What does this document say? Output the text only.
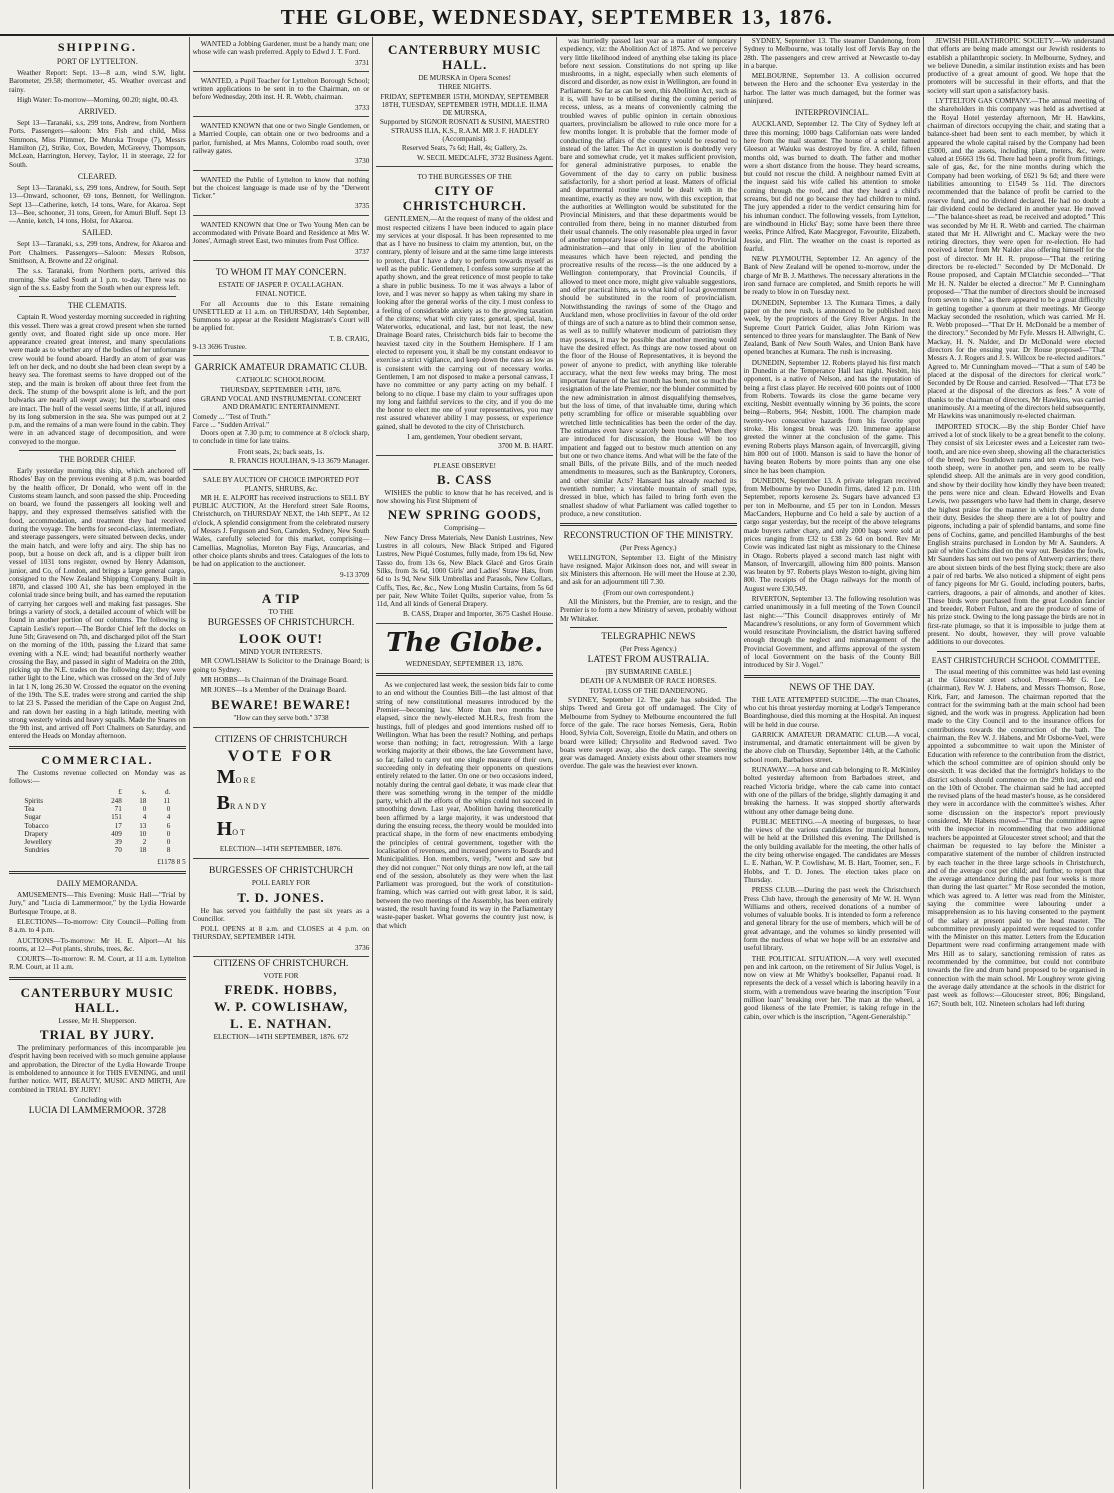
THE GLOBE, WEDNESDAY, SEPTEMBER 13, 1876.
SHIPPING.
PORT OF LYTTELTON.

Weather Report: Sept. 13—8 a.m, wind S.W, light. Barometer, 29.58; thermometer, 45. Weather overcast and rainy.

High Water: To-morrow—Morning, 00.20; night, 00.43.

ARRIVED.

Sept 13—Taranaki, s.s, 299 tons, Andrew, from Northern Ports. Passengers—saloon: Mrs Fish and child, Miss Simmons, Miss Plimmer, De Murska Troupe (7), Messrs Hamilton (2), Strike, Cox, Bowden, McGreevy, Thompson, McLean, Harrington, Hervey, Taylor, 11 in steerage, 22 for South.

CLEARED.

Sept 13—Taranaki, s.s, 299 tons, Andrew, for South. Sept 13—Onward, schooner, 69 tons, Bennett, for Wellington. Sept 13—Catherine, ketch, 14 tons, Ware, for Akaroa. Sept 13—Bee, schooner, 31 tons, Green, for Amuri Bluff. Sept 13—Annie, ketch, 14 tons, Holst, for Akaroa.

SAILED.

Sept 13—Taranaki, s.s, 299 tons, Andrew, for Akaroa and Port Chalmers. Passengers—Saloon: Messrs Robson, Smithson, A. Browne and 22 original.

The s.s. Taranaki, from Northern ports, arrived this morning. She sailed South at 1 p.m. to-day. There was no sign of the s.s. Easby from the South when our express left.

THE CLEMATIS.

Captain R. Wood yesterday morning succeeded in righting this vessel. There was a great crowd present when she turned gently over, and floated right side up once more. Her appearance created great interest, and many speculations were made as to whether any of the bodies of her unfortunate crew would be found aboard. Hardly an atom of gear was left on her deck, and no doubt she had been clean swept by a heavy sea. The foremast seems to have dropped out of the step, and the main is broken off about three feet from the deck. The stump of the bowsprit alone is left, and the port bulwarks are nearly all swept away; but the starboard ones are intact. The hull of the vessel seems little, if at all, injured by its long submersion in the sea. She was pumped out at 2 p.m, and the remains of a man were found in the cabin. They were in an advanced stage of decomposition, and were conveyed to the morgue.

THE BORDER CHIEF.

Early yesterday morning this ship, which anchored off Rhodes' Bay on the previous evening at 8 p.m, was boarded by the health officer, Dr Donald, who went off in the Customs steam launch, and soon passed the ship. Proceeding on board, we found the passengers all looking well and happy, and they expressed themselves satisfied with the food, accommodation, and treatment they had received during the voyage. The berths for second-class, intermediate, and steerage passengers, were situated between decks, under the main hatch, and were lofty and airy. The ship has no poop, but a house on deck aft, and is a clipper built iron vessel of 1031 tons register, owned by Henry Adamson, junior, and Co, of London, and brings a large general cargo, consigned to the New Zealand Shipping Company. Built in 1870, and classed 100 A1, she has been employed in the colonial trade since being built, and has earned the reputation of carrying her cargoes well and making fast passages. She brings a variety of stock, a detailed account of which will be found in another portion of our columns. The following is Captain Leslie's report—The Border Chief left the docks on June 5th; Gravesend on 7th, and discharged pilot off the Start on the morning of the 10th, passing the Lizard that same evening with a N.E. wind; had beautiful northerly weather crossing the Bay, and passed in sight of Madeira on the 20th, picking up the N.E. trades on the following day; they were rather light to the Line, which was crossed on the 3rd of July in lat 1 N, long 26.30 W. Crossed the equator on the evening of the 19th. The S.E. trades were strong and carried the ship to lat 23 S. Passed the meridian of the Cape on August 2nd, and ran down her easting in a high latitude, meeting with strong westerly winds and heavy squalls. Made the Snares on the 9th inst, and arrived off Port Chalmers on Saturday, and entered the Heads on Monday afternoon.

COMMERCIAL.

The Customs revenue collected on Monday was as follows:—

	£	s.	d.
Spirits	248	18	11
Tea	71	0	0
Sugar	151	4	4
Tobacco	17	13	6
Drapery	409	10	0
Jewellery	39	2	0
Sundries	70	18	8
£1178 8 5
DAILY MEMORANDA.

AMUSEMENTS—This Evening: Music Hall—"Trial by Jury," and "Lucia di Lammermoor," by the Lydia Howarde Burlesque Troupe, at 8.

ELECTIONS—To-morrow: City Council—Polling from 8 a.m. to 4 p.m.

AUCTIONS—To-morrow: Mr H. E. Alport—At his rooms, at 12—Pot plants, shrubs, trees, &c.

COURTS—To-morrow: R. M. Court, at 11 a.m. Lyttelton R.M. Court, at 11 a.m.

CANTERBURY MUSIC HALL.
Lessee, Mr H. Shepperson.
TRIAL BY JURY.

The preliminary performances of this incomparable jeu d'esprit having been received with so much genuine applause and approbation, the Director of the Lydia Howarde Troupe is emboldened to announce it for THIS EVENING, and until further notice. WIT, BEAUTY, MUSIC AND MIRTH, Are combined in TRIAL BY JURY!

Concluding with
LUCIA DI LAMMERMOOR. 3728

WANTED a Jobbing Gardener, must be a handy man; one whose wife can wash preferred. Apply to Edwd J. T. Ford.

3731

WANTED, a Pupil Teacher for Lyttelton Borough School; written applications to be sent in to the Chairman, on or before Wednesday, 20th inst. H. R. Webb, chairman.

3733

WANTED KNOWN that one or two Single Gentlemen, or a Married Couple, can obtain one or two bedrooms and a parlor, furnished, at Mrs Manns, Colombo road south, over railway gates.

3730

WANTED the Public of Lyttelton to know that nothing but the choicest language is made use of by the "Derwent Ticker."

3735

WANTED KNOWN that One or Two Young Men can be accommodated with Private Board and Residence at Mrs W. Jones', Armagh street East, two minutes from Post Office.

3737
TO WHOM IT MAY CONCERN.
ESTATE OF JASPER P. O'CALLAGHAN.
FINAL NOTICE.

For all Accounts due to this Estate remaining UNSETTLED at 11 a.m. on THURSDAY, 14th September, Summons to appear at the Resident Magistrate's Court will be applied for.

T. B. CRAIG,
9-13 3696 Trustee.
GARRICK AMATEUR DRAMATIC CLUB.
CATHOLIC SCHOOLROOM.
THURSDAY, SEPTEMBER 14TH, 1876.
GRAND VOCAL AND INSTRUMENTAL CONCERT AND DRAMATIC ENTERTAINMENT.
Comedy ... "Test of Truth."
Farce ... "Sudden Arrival."

Doors open at 7.30 p.m; to commence at 8 o'clock sharp, to conclude in time for late trains.

Front seats, 2s; back seats, 1s.
R. FRANCIS HOULIHAN, 9-13 3679 Manager.
SALE BY AUCTION OF CHOICE IMPORTED POT PLANTS, SHRUBS, &c.

MR H. E. ALPORT has received instructions to SELL BY PUBLIC AUCTION, At the Hereford street Sale Rooms, Christchurch, on THURSDAY NEXT, the 14th SEPT., At 12 o'clock, A splendid consignment from the celebrated nursery of Messrs J. Ferguson and Son, Camden, Sydney, New South Wales, carefully selected for this market, comprising— Camellias, Magnolias, Moreton Bay Figs, Araucarias, and other choice plants shrubs and trees. Catalogues of the lots to be had on application to the auctioneer.

9-13 3709
A TIP
TO THE
BURGESSES OF CHRISTCHURCH.
LOOK OUT!
MIND YOUR INTERESTS.

MR COWLISHAW Is Solicitor to the Drainage Board; is going to Sydney.

MR HOBBS—Is Chairman of the Drainage Board.

MR JONES—Is a Member of the Drainage Board.

BEWARE! BEWARE!
"How can they serve both." 3738
CITIZENS OF CHRISTCHURCH
VOTE FOR
MORE
BRANDY
HOT
ELECTION—14TH SEPTEMBER, 1876.
BURGESSES OF CHRISTCHURCH
POLL EARLY FOR
T. D. JONES.

He has served you faithfully the past six years as a Councillor.

POLL OPENS at 8 a.m. and CLOSES at 4 p.m. on THURSDAY, SEPTEMBER 14TH.

3736
CITIZENS OF CHRISTCHURCH.
VOTE FOR
FREDK. HOBBS,
W. P. COWLISHAW,
L. E. NATHAN.
ELECTION—14TH SEPTEMBER, 1876. 672
CANTERBURY MUSIC HALL.
DE MURSKA in Opera Scenes!
THREE NIGHTS.
FRIDAY, SEPTEMBER 15TH, MONDAY, SEPTEMBER 18TH, TUESDAY, SEPTEMBER 19TH, MDLLE. ILMA DE MURSKA,
Supported by SIGNOR ROSNATI & SUSINI, MAESTRO STRAUSS ILIA, K.S., R.A.M. MR J. F. HADLEY (Accompanist).
Reserved Seats, 7s 6d; Hall, 4s; Gallery, 2s.
W. SECIL MEDCALFE, 3732 Business Agent.
TO THE BURGESSES OF THE
CITY OF CHRISTCHURCH.

GENTLEMEN,—At the request of many of the oldest and most respected citizens I have been induced to again place my services at your disposal. It has been represented to me that as I have no business to claim my attention, but, on the contrary, plenty of leisure and at the same time large interests to protect, that I have a duty to perform towards myself as well as the public. Gentlemen, I confess some surprise at the apathy shown, and the great reticence of most people to take a share in public business. To me it was always a labor of love, and I was never so happy as when taking my share in looking after the general works of the city. I must confess to a feeling of considerable anxiety as to the growing taxation of the citizens; what with city rates; general, special, loan, Waterworks, educational, and last, but not least, the new Drainage Board rates, Christchurch bids fair to become the heaviest taxed city in the Southern Hemisphere. If I am elected to represent you, it shall be my constant endeavor to exercise a strict vigilance, and keep down the rates as low as is consistent with the carrying out of necessary works. Gentlemen, I am not disposed to make a personal canvass, I have no committee or any party acting on my behalf. I belong to no clique. I base my claim to your suffrages upon my long and faithful services to the city, and if you do me the honor to elect me one of your representatives, you may rest assured whatever ability I may possess, or experience gained, shall be devoted to the city of Christchurch.

I am, gentlemen, Your obedient servant,
3700 M. B. HART.
PLEASE OBSERVE!
B. CASS

WISHES the public to know that he has received, and is now showing his First Shipment of

NEW SPRING GOODS,
Comprising—

New Fancy Dress Materials, New Danish Lustrines, New Lustres in all colours, New Black Striped and Figured Lustres, New Piqué Costumes, fully made, from 19s 6d, New Tasso do, from 13s 6s, New Black Glacé and Gros Grain Silks, from 3s 6d, 1000 Girls' and Ladies' Straw Hats, from 6d to 1s 9d, New Silk Umbrellas and Parasols, New Collars, Cuffs, Ties, &c, &c., New Long Muslin Curtains, from 5s 6d per pair, New White Toilet Quilts, superior value, from 5s 11d, And all kinds of General Drapery.

B. CASS, Draper and Importer, 3675 Cashel House.
The Globe.
WEDNESDAY, SEPTEMBER 13, 1876.

As we conjectured last week, the session bids fair to come to an end without the Counties Bill—the last almost of that string of new constitutional measures introduced by the Premier—becoming law. More than two months have elapsed, since the newly-elected M.H.R.s, fresh from the hustings, full of pledges and good intentions rushed off to Wellington. What has been the result? Nothing, and perhaps worse than nothing; in fact, retrogression. With a large working majority at their elbows, the late Government have, so far, failed to carry out one single measure of their own, succeeding only in defeating their opponents on questions entirely related to the latter. On one or two occasions indeed, notably during the central gaol debate, it was made clear that there was something wrong in the temper of the middle party, which all the efforts of the whips could not succeed in smoothing down. Last year, Abolition having theoretically been affirmed by a large majority, it was understood that during the ensuing recess, the theory would be moulded into practical shape, in the form of new enactments embodying the principles of central government, together with the localisation of revenues, and increased powers to Boards and Municipalities. Hon. members, verily, "went and saw but they did not conquer." Not only things are now left, at the tail end of the session, absolutely as they were when the last Parliament was prorogued, but the work of constitution-framing, which was carried out with great labor, it is said, between the two meetings of the Assembly, has been entirely wasted, the result having found its way in the Parliamentary waste-paper basket. What governs the country just now, is that which

was hurriedly passed last year as a matter of temporary expediency, viz: the Abolition Act of 1875. And we perceive very little likelihood indeed of anything else taking its place before next session. Constitutions do not spring up like mushrooms, in a night, especially when such elements of discord and disorder, as now exist in Wellington, are found in Parliament. So far as can be seen, this Abolition Act, such as it is, will have to be utilised during the coming period of recess, unless, as a means of conveniently calming the troubled waves of public opinion in certain obnoxious quarters, provincialism be allowed to rule once more for a few months longer. It is probable that the former mode of conducting the affairs of the country would be resorted to instead of the latter. The Act in question is doubtedly very bare and somewhat crude, yet it makes sufficient provision, for general administrative purposes, to enable the Government of the day to carry on public business satisfactorily, for a short period at least. Matters of official and departmental routine would be dealt with in the meantime, exactly as they are now, with this exception, that the authorities at Wellington would be substituted for the Provincial Ministers, and that these departments would be controlled from there, being in no manner disturbed from their usual channels. The only reasonable plea urged in favor of another temporary lease of lifebeing granted to Provincial administration—and that only in lieu of the abolition measures which have been rejected, and pending the procreative results of the recess—is the one adduced by a Wellington contemporary, that Provincial Councils, if allowed to meet once more, might give valuable suggestions, and offer practical hints, as to what kind of local government should be substituted in the room of provincialism. Notwithstanding the ravings of some of the Otago and Auckland men, whose proclivities in favour of the old order of things are of such a nature as to blind their common sense, as well as to nullify whatever modicum of patriotism they may possess, it may be possible that another meeting would have the desired effect. As things are now tossed about on the floor of the House of Representatives, it is beyond the power of anyone to predict, with anything like tolerable accuracy, what the next few weeks may bring. The most important feature of the last month has been, not so much the resignation of the late Premier, nor the blunder committed by the new administration in almost disqualifying themselves, but the loss of time, of that invaluable time, during which petty scrambling for office or miserable squabbling over wretched little technicalities has been the order of the day. The estimates even have scarcely been touched. When they are introduced for discussion, the House will be too impatient and fagged out to bestow much attention on any but one or two chance items. And what will be the fate of the small Bills, of the private Bills, and of the much needed amendments to measures, such as the Bankruptcy, Coroners, and other similar Acts? Hansard has already reached its twentieth number; a viretable mountain of small type, dressed in blue, which has failed to bring forth even the smallest shadow of what Parliament was called together to produce, a new constitution.

RECONSTRUCTION OF THE MINISTRY.
(Per Press Agency.)

WELLINGTON, September 13. Eight of the Ministry have resigned. Major Atkinson does not, and will swear in six Ministers this afternoon. He will meet the House at 2.30, and ask for an adjournment till 7.30.

(From our own correspondent.)

All the Ministers, but the Premier, are to resign, and the Premier is to form a new Ministry of seven, probably without Mr Whitaker.

TELEGRAPHIC NEWS
(Per Press Agency.)
LATEST FROM AUSTRALIA.
[BY SUBMARINE CABLE.]
DEATH OF A NUMBER OF RACE HORSES.
TOTAL LOSS OF THE DANDENONG.

SYDNEY, September 12. The gale has subsided. The ships Tweed and Greta got off undamaged. The City of Melbourne from Sydney to Melbourne encountered the full force of the gale. The race horses Nemesis, Gera, Robin Hood, Sylvia Colt, Sovereign, Etoile du Matin, and others on board were killed; Chrysolite and Redwood saved. Two boats were swept away, also the deck cargo. The steering gear was damaged. Anxiety exists about other steamers now overdue. The gale was the heaviest ever known.

SYDNEY, September 13. The steamer Dandenong, from Sydney to Melbourne, was totally lost off Jervis Bay on the 28th. The passengers and crew arrived at Newcastle to-day in a barque.

MELBOURNE, September 13. A collision occurred between the Hero and the schooner Eva yesterday in the harbor. The latter was much damaged, but the former was uninjured.

INTERPROVINCIAL.

AUCKLAND, September 12. The City of Sydney left at three this morning; 1000 bags Californian oats were landed here from the mail steamer. The house of a settler named Gleeson at Waiuku was destroyed by fire. A child, fifteen months old, was burned to death. The father and mother were a short distance from the house. They heard screams, but could not rescue the child. A neighbour named Evitt at the inquest said his wife called his attention to smoke coming through the roof, and that they heard a child's screams, but did not go because they had children to mind. The jury appended a rider to the verdict censuring him for his inhuman conduct. The following vessels, from Lyttelton, are windbound in Hicks' Bay; some have been there three weeks, Prince Alfred, Kate Macgregor, Favourite, Elizabeth, Jessie, and Flirt. The weather on the coast is reported as fearful.

NEW PLYMOUTH, September 12. An agency of the Bank of New Zealand will be opened to-morrow, under the charge of Mr B. J. Matthews. The necessary alterations in the iron sand furnace are completed, and Smith reports he will be ready to blow in on Tuesday next.

DUNEDIN, September 13. The Kumara Times, a daily paper on the new rush, is announced to be published next week, by the proprietors of the Grey River Argus. In the Supreme Court Patrick Guider, alias John Kiriom was sentenced to three years for manslaughter. The Bank of New Zealand, Bank of New South Wales, and Union Bank have opened branches at Kumara. The rush is increasing.

DUNEDIN, September 12. Roberts played his first match in Dunedin at the Temperance Hall last night. Nesbitt, his opponent, is a native of Nelson, and has the reputation of being a first class player. He received 600 points out of 1000 from Roberts. Towards its close the game became very exciting, Nesbitt eventually winning by 36 points, the score being—Roberts, 964; Nesbitt, 1000. The champion made twenty-two consecutive hazards from his favorite spot stroke. His longest break was 120. Immense applause greeted the winner at the conclusion of the game. This evening Roberts plays Manson again, of Invercargill, giving him 800 out of 1000. Manson is said to have the honor of having beaten Roberts by more points than any one else since he has been champion.

DUNEDIN, September 13. A private telegram received from Melbourne by two Dunedin firms, dated 12 p.m. 11th September, reports kerosene 2s. Sugars have advanced £3 per ton in Melbourne, and £5 per ton in London. Messrs MacCanders, Hepburne and Co held a sale by auction of a cargo sugar yesterday, but the receipt of the above telegrams made buyers rather chary, and only 2000 bags were sold at prices ranging from £32 to £38 2s 6d on bond. Rev Mr Cowie was indicated last night as missionary to the Chinese in Otago. Roberts played a second match last night with Manson, of Invercargill, allowing him 800 points. Manson was beaten by 97. Roberts plays Weston to-night, giving him 800. The receipts of the Otago railways for the month of August were £30,549.

RIVERTON, September 13. The following resolution was carried unanimously in a full meeting of the Town Council last night:—"This Council disapproves entirely of Mr Macandrew's resolutions, or any form of Government which would resuscitate Provincialism, the district having suffered enough through the neglect and mismanagement of the Provincial Government, and affirms approval of the system of local Government on the basis of the County Bill introduced by Sir J. Vogel."

NEWS OF THE DAY.

THE LATE ATTEMPTED SUICIDE.—The man Choates, who cut his throat yesterday morning at Lodge's Temperance Boardinghouse, died this morning at the Hospital. An inquest will be held in due course.

GARRICK AMATEUR DRAMATIC CLUB.—A vocal, instrumental, and dramatic entertainment will be given by the above club on Thursday, September 14th, at the Catholic school room, Barbadoes street.

RUNAWAY.—A horse and cab belonging to R. McKinley bolted yesterday afternoon from Barbadoes street, and reached Victoria bridge, where the cab came into contact with one of the pillars of the bridge, slightly damaging it and breaking the harness. It was stopped shortly afterwards without any other damage being done.

PUBLIC MEETING.—A meeting of burgesses, to hear the views of the various candidates for municipal honors, will be held at the Drillshed this evening. The Drillshed is the only building available for the meeting, the other halls of the city being otherwise engaged. The candidates are Messrs L. E. Nathan, W. P. Cowlishaw, M. B. Hart, Toomer, sen., F. Hobbs, and T. D. Jones. The election takes place on Thursday.

PRESS CLUB.—During the past week the Christchurch Press Club have, through the generosity of Mr W. H. Wynn Williams and others, received donations of a number of volumes of valuable books. It is intended to form a reference and general library for the use of members, which will be of great advantage, and the volumes so kindly presented will form the nucleus of what we hope will be an extensive and useful library.

THE POLITICAL SITUATION.—A very well executed pen and ink cartoon, on the retirement of Sir Julius Vogel, is now on view at Mr Whitby's bookseller, Papanui road. It represents the deck of a vessel which is laboring heavily in a storm, with a tremendous wave bearing the inscription "Four million loan" breaking over her. The man at the wheel, a good likeness of the late Premier, is taking refuge in the cabin, over which is the inscription, "Agent-Generalship."

JEWISH PHILANTHROPIC SOCIETY.—We understand that efforts are being made amongst our Jewish residents to establish a philanthropic society. In Melbourne, Sydney, and we believe Dunedin, a similar institution exists and has been productive of a great amount of good. We hope that the promoters will be successful in their efforts, and that the society will start upon a satisfactory basis.

LYTTELTON GAS COMPANY.—The annual meeting of the shareholders in this company was held as advertised at the Royal Hotel yesterday afternoon, Mr H. Hawkins, chairman of directors occupying the chair, and stating that a balance-sheet had been sent to each member, by which it appeared the whole capital raised by the Company had been £5000, and the assets, including plant, meters, &c, were valued at £6663 19s 6d. There had been a profit from fittings, sale of gas, &c, for the nine months during which the Company had been working, of £621 9s 6d; and there were liabilities amounting to £1549 5s 11d. The directors recommended that the balance of profit be carried to the reserve fund, and no dividend declared. He had no doubt a fair dividend could be declared in another year. He moved—"The balance-sheet as read, be received and adopted." This was seconded by Mr H. R. Webb and carried. The chairman stated that Mr H. Allwright and C. Mackay were the two retiring directors, they were open for re-election. He had received a letter from Mr Nalder also offering himself for the post of director. Mr H. R. propose—"That the retiring directors be re-elected." Seconded by Dr McDonald. Dr Rouse proposed, and Captain M'Clatchie seconded—"That Mr H. N. Nalder be elected a director." Mr P. Cunningham proposed—"That the number of directors should be increased from seven to nine," as there appeared to be a great difficulty in getting together a quorum at their meetings. Mr George Mackay seconded the resolution, which was carried. Mr H. R. Webb proposed—"That Dr H. McDonald be a member of the directory." Seconded by Mr Fyfe. Messrs H. Allwright, C. Mackay, H. N. Nalder, and Dr McDonald were elected directors for the ensuing year. Dr Rouse proposed—"That Messrs A. J. Rogers and J. S. Willcox be re-elected auditors." Agreed to. Mr Cunningham moved—"That a sum of £40 be placed at the disposal of the directors for clerical work." Seconded by Dr Rouse and carried. Resolved—"That £73 be placed at the disposal of the directors as fees." A vote of thanks to the chairman of directors, Mr Hawkins, was carried unanimously. At a meeting of the directors held subsequently, Mr Hawkins was unanimously re-elected chairman.

IMPORTED STOCK.—By the ship Border Chief have arrived a lot of stock likely to be a great benefit to the colony. They consist of six Leicester ewes and a Leicester ram two-tooth, and are nice even sheep, showing all the characteristics of the breed; two Southdown rams and ten ewes, also two-tooth sheep, were in another pen, and seem to be really splendid sheep. All the animals are in very good condition, and show by their docility how kindly they have been treated; the pens were nice and clean. Edward Howells and Evan Lewis, two passengers who have had them in charge, deserve the highest praise for the manner in which they have done their duty. Besides the sheep there are a lot of poultry and pigeons, including a pair of splendid bantams, and some fine pens of Cochins, game, and pencilled Hamburghs of the best English strains purchased in London by Mr A. Saunders. A pair of white Cochins died on the way out. Besides the fowls, Mr Saunders has sent out two pens of Antwerp carriers; there are about sixteen birds of the best flying stock; there are also a pair of red barbs. We also noticed a shipment of eight pens of fancy pigeons for Mr G. Gould, including pouters, barbs, carriers, dragoons, a pair of almonds, and another of kites. These birds were purchased from the great London fancier and breeder, Robert Fulton, and are the produce of some of his prize stock. Owing to the long passage the birds are not in first-rate plumage, so that it is impossible to judge them at present. No doubt, however, they will prove valuable additions to our dovecotes.

EAST CHRISTCHURCH SCHOOL COMMITTEE.

The usual meeting of this committee was held last evening at the Gloucester street school. Present—Mr G. Lee (chairman), Rev W. J. Habens, and Messrs Thomson, Rose, Kirk, Farr, and Jameson. The chairman reported that the contract for the swimming bath at the main school had been signed, and the work was in progress. Application had been made to the City Council and to the insurance offices for contributions towards the construction of the bath. The chairman, the Rev W. J. Habens, and Mr Osborne-Veel, were appointed a subcommittee to wait upon the Minister of Education with reference to the contribution from the district, which the school committee are of opinion should only be one-sixth. It was decided that the fortnight's holidays to the district schools should commence on the 29th inst, and end on the 10th of October. The chairman said he had accepted the revised plans of the head master's house, as he considered they were in accordance with the committee's wishes. After some discussion on the inspector's report previously considered, Mr Habens moved—"That the committee agree with the inspector in recommending that two additional teachers be appointed at Gloucester street school; and that the chairman be requested to lay before the Minister a comparative statement of the number of children instructed by each teacher in the three large schools in Christchurch, and of the average cost per child; and further, to report that the average attendance during the past four weeks is more than during the last quarter." Mr Rose seconded the motion, which was agreed to. A letter was read from the Minister, saying the committee were labouring under a misapprehension as to his having consented to the payment of the salary at present paid to the head master. The subcommittee previously appointed were requested to confer with the Minister on this matter. Letters from the Education Department were read confirming arrangement made with Mrs Hill as to salary, sanctioning remission of rates as recommended by the committee, but could not contribute towards the fire and drum band proposed to be organised in connection with the main school. Mr Loughrey wrote giving the average daily attendance at the schools in the district for past week as follows:—Gloucester street, 806; Bingsland, 167; South belt, 102. Nineteen scholars had left during
